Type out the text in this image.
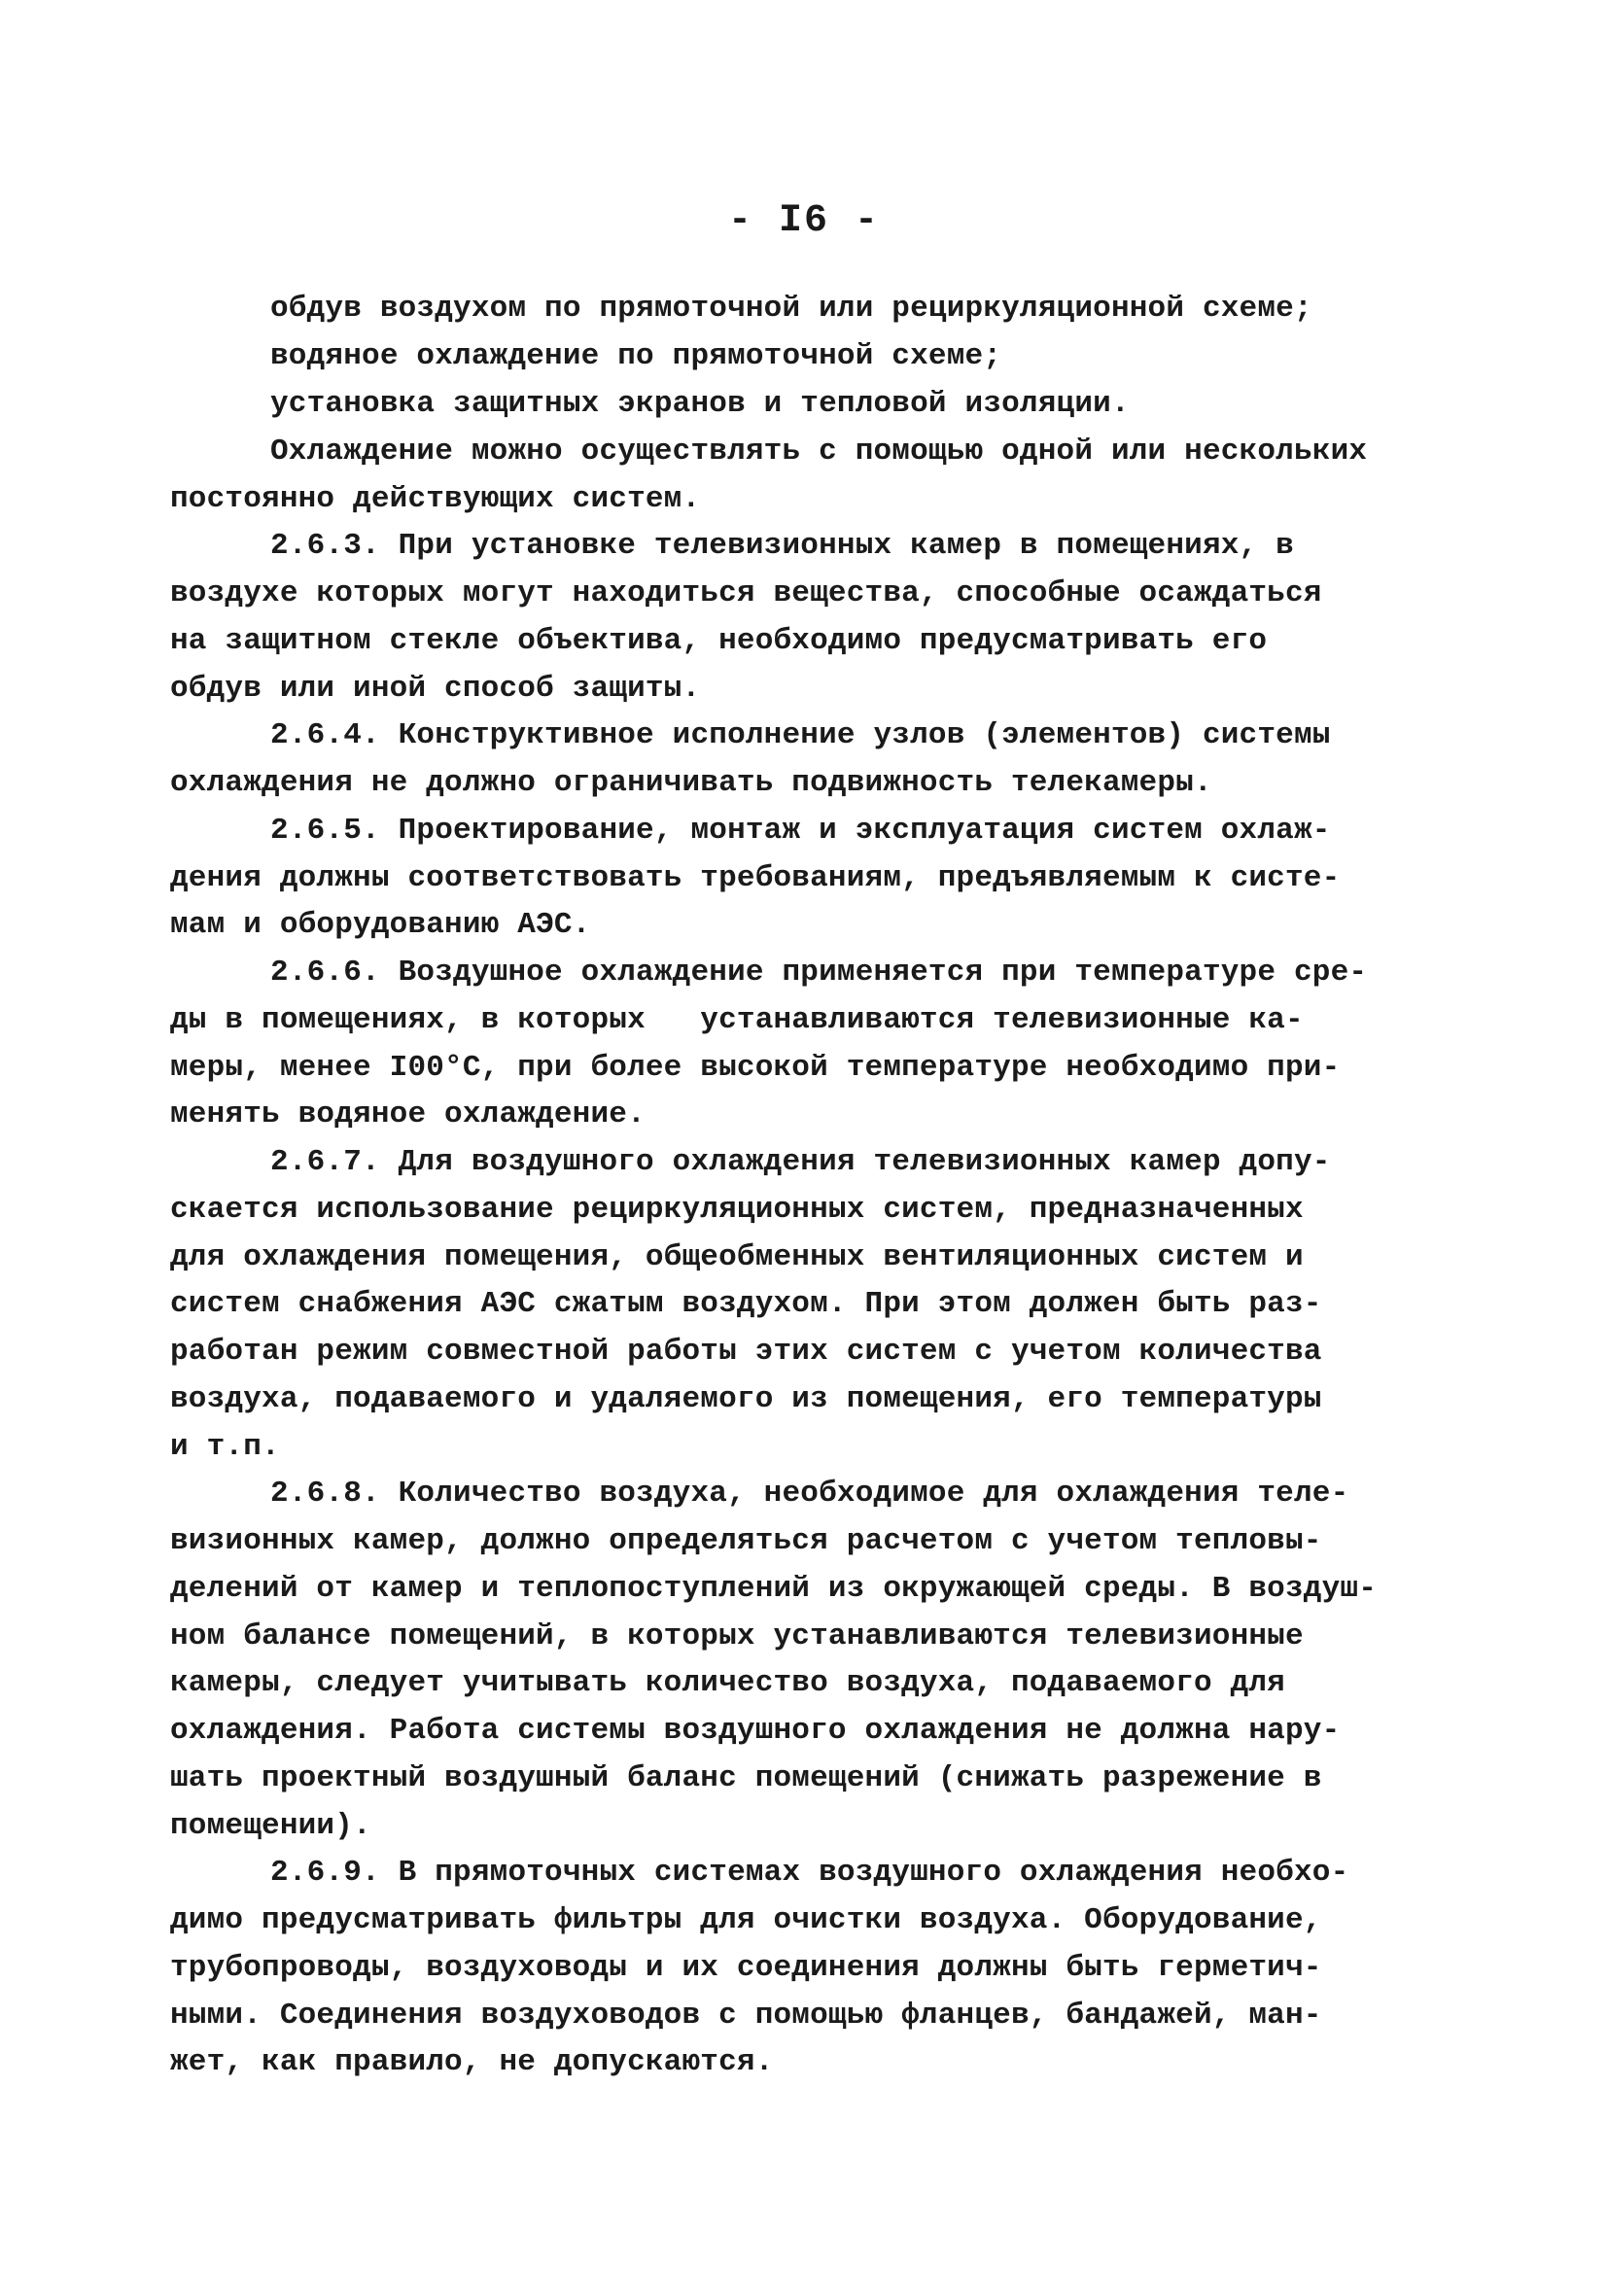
- I6 -
обдув воздухом по прямоточной или рециркуляционной схеме;
водяное охлаждение по прямоточной схеме;
установка защитных экранов и тепловой изоляции.
Охлаждение можно осуществлять с помощью одной или нескольких
постоянно действующих систем.
2.6.3. При установке телевизионных камер в помещениях, в
воздухе которых могут находиться вещества, способные осаждаться
на защитном стекле объектива, необходимо предусматривать его
обдув или иной способ защиты.
2.6.4. Конструктивное исполнение узлов (элементов) системы
охлаждения не должно ограничивать подвижность телекамеры.
2.6.5. Проектирование, монтаж и эксплуатация систем охлаж-
дения должны соответствовать требованиям, предъявляемым к систе-
мам и оборудованию АЭС.
2.6.6. Воздушное охлаждение применяется при температуре сре-
ды в помещениях, в которых   устанавливаются телевизионные ка-
меры, менее I00°С, при более высокой температуре необходимо при-
менять водяное охлаждение.
2.6.7. Для воздушного охлаждения телевизионных камер допу-
скается использование рециркуляционных систем, предназначенных
для охлаждения помещения, общеобменных вентиляционных систем и
систем снабжения АЭС сжатым воздухом. При этом должен быть раз-
работан режим совместной работы этих систем с учетом количества
воздуха, подаваемого и удаляемого из помещения, его температуры
и т.п.
2.6.8. Количество воздуха, необходимое для охлаждения теле-
визионных камер, должно определяться расчетом с учетом тепловы-
делений от камер и теплопоступлений из окружающей среды. В воздуш-
ном балансе помещений, в которых устанавливаются телевизионные
камеры, следует учитывать количество воздуха, подаваемого для
охлаждения. Работа системы воздушного охлаждения не должна нару-
шать проектный воздушный баланс помещений (снижать разрежение в
помещении).
2.6.9. В прямоточных системах воздушного охлаждения необхо-
димо предусматривать фильтры для очистки воздуха. Оборудование,
трубопроводы, воздуховоды и их соединения должны быть герметич-
ными. Соединения воздуховодов с помощью фланцев, бандажей, ман-
жет, как правило, не допускаются.
